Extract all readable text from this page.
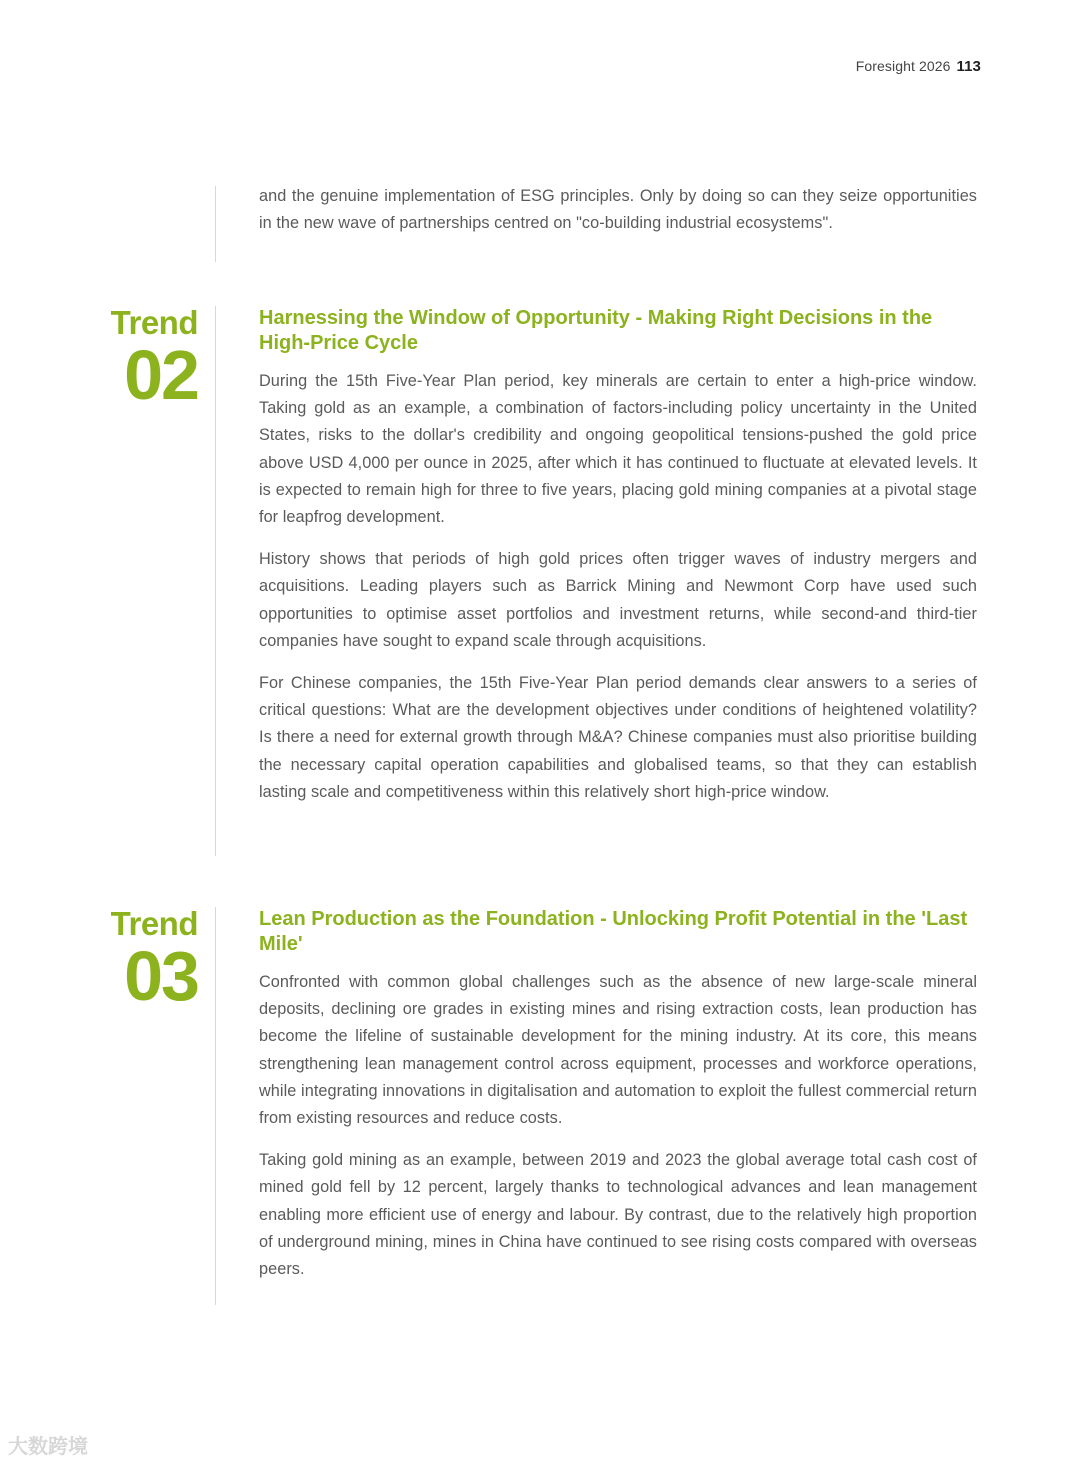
Foresight 2026 113

and the genuine implementation of ESG principles. Only by doing so can they seize opportunities in the new wave of partnerships centred on "co-building industrial ecosystems".

Trend
02
Harnessing the Window of Opportunity - Making Right Decisions in the High-Price Cycle

During the 15th Five-Year Plan period, key minerals are certain to enter a high-price window. Taking gold as an example, a combination of factors-including policy uncertainty in the United States, risks to the dollar's credibility and ongoing geopolitical tensions-pushed the gold price above USD 4,000 per ounce in 2025, after which it has continued to fluctuate at elevated levels. It is expected to remain high for three to five years, placing gold mining companies at a pivotal stage for leapfrog development.

History shows that periods of high gold prices often trigger waves of industry mergers and acquisitions. Leading players such as Barrick Mining and Newmont Corp have used such opportunities to optimise asset portfolios and investment returns, while second-and third-tier companies have sought to expand scale through acquisitions.

For Chinese companies, the 15th Five-Year Plan period demands clear answers to a series of critical questions: What are the development objectives under conditions of heightened volatility? Is there a need for external growth through M&A? Chinese companies must also prioritise building the necessary capital operation capabilities and globalised teams, so that they can establish lasting scale and competitiveness within this relatively short high-price window.

Trend
03
Lean Production as the Foundation - Unlocking Profit Potential in the 'Last Mile'

Confronted with common global challenges such as the absence of new large-scale mineral deposits, declining ore grades in existing mines and rising extraction costs, lean production has become the lifeline of sustainable development for the mining industry. At its core, this means strengthening lean management control across equipment, processes and workforce operations, while integrating innovations in digitalisation and automation to exploit the fullest commercial return from existing resources and reduce costs.

Taking gold mining as an example, between 2019 and 2023 the global average total cash cost of mined gold fell by 12 percent, largely thanks to technological advances and lean management enabling more efficient use of energy and labour. By contrast, due to the relatively high proportion of underground mining, mines in China have continued to see rising costs compared with overseas peers.

大数跨境
